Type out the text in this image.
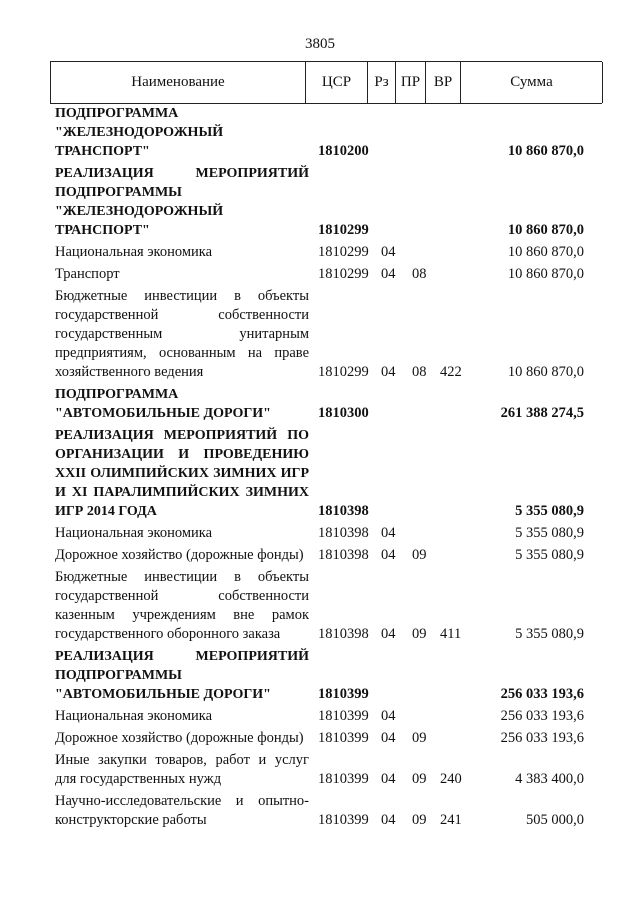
3805
Наименование	ЦСР	Рз ПР ВР	Сумма
ПОДПРОГРАММА "ЖЕЛЕЗНОДОРОЖНЫЙ ТРАНСПОРТ"	1810200	10 860 870,0
РЕАЛИЗАЦИЯ МЕРОПРИЯТИЙ ПОДПРОГРАММЫ "ЖЕЛЕЗНОДОРОЖНЫЙ ТРАНСПОРТ"	1810299	10 860 870,0
Национальная экономика	1810299 04	10 860 870,0
Транспорт	1810299 04 08	10 860 870,0
Бюджетные инвестиции в объекты государственной собственности государственным унитарным предприятиям, основанным на праве хозяйственного ведения	1810299 04 08 422	10 860 870,0
ПОДПРОГРАММА "АВТОМОБИЛЬНЫЕ ДОРОГИ"	1810300	261 388 274,5
РЕАЛИЗАЦИЯ МЕРОПРИЯТИЙ ПО ОРГАНИЗАЦИИ И ПРОВЕДЕНИЮ XXII ОЛИМПИЙСКИХ ЗИМНИХ ИГР И XI ПАРАЛИМПИЙСКИХ ЗИМНИХ ИГР 2014 ГОДА	1810398	5 355 080,9
Национальная экономика	1810398 04	5 355 080,9
Дорожное хозяйство (дорожные фонды) 1810398 04 09	5 355 080,9
Бюджетные инвестиции в объекты государственной собственности казенным учреждениям вне рамок государственного оборонного заказа	1810398 04 09 411	5 355 080,9
РЕАЛИЗАЦИЯ МЕРОПРИЯТИЙ ПОДПРОГРАММЫ "АВТОМОБИЛЬНЫЕ ДОРОГИ"	1810399	256 033 193,6
Национальная экономика	1810399 04	256 033 193,6
Дорожное хозяйство (дорожные фонды) 1810399 04 09	256 033 193,6
Иные закупки товаров, работ и услуг для государственных нужд	1810399 04 09 240	4 383 400,0
Научно-исследовательские и опытно-конструкторские работы	1810399 04 09 241	505 000,0
